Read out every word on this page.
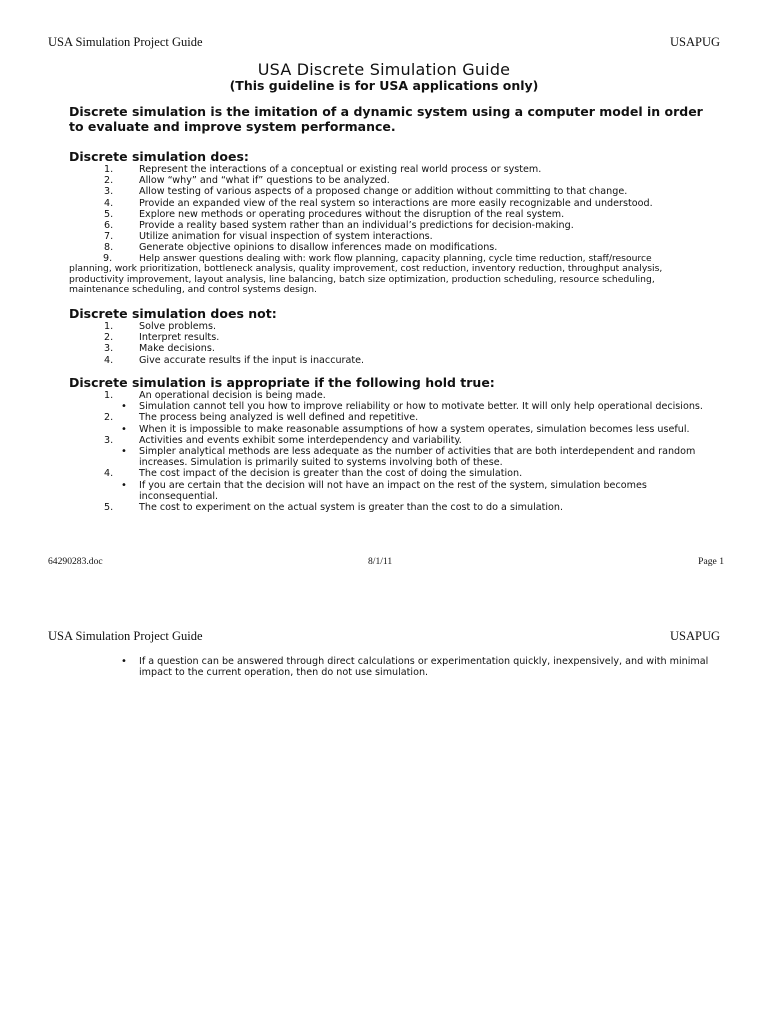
USA Simulation Project Guide	USAPUG
USA Discrete Simulation Guide
(This guideline is for USA applications only)
Discrete simulation is the imitation of a dynamic system using a computer model in order to evaluate and improve system performance.

Discrete simulation does:

1.	Represent the interactions of a conceptual or existing real world process or system.
2.	Allow “why” and “what if” questions to be analyzed.
3.	Allow testing of various aspects of a proposed change or addition without committing to that change.
4.	Provide an expanded view of the real system so interactions are more easily recognizable and understood.
5.	Explore new methods or operating procedures without the disruption of the real system.
6.	Provide a reality based system rather than an individual’s predictions for decision-making.
7.	Utilize animation for visual inspection of system interactions.
8.	Generate objective opinions to disallow inferences made on modifications.
9.	Help answer questions dealing with: work flow planning, capacity planning, cycle time reduction, staff/resource planning, work prioritization, bottleneck analysis, quality improvement, cost reduction, inventory reduction, throughput analysis, productivity improvement, layout analysis, line balancing, batch size optimization, production scheduling, resource scheduling, maintenance scheduling, and control systems design.

Discrete simulation does not:

1.	Solve problems.
2.	Interpret results.
3.	Make decisions.
4.	Give accurate results if the input is inaccurate.

Discrete simulation is appropriate if the following hold true:

1.	An operational decision is being made.
• Simulation cannot tell you how to improve reliability or how to motivate better. It will only help operational decisions.
2.	The process being analyzed is well defined and repetitive.
• When it is impossible to make reasonable assumptions of how a system operates, simulation becomes less useful.
3.	Activities and events exhibit some interdependency and variability.
• Simpler analytical methods are less adequate as the number of activities that are both interdependent and random increases. Simulation is primarily suited to systems involving both of these.
4.	The cost impact of the decision is greater than the cost of doing the simulation.
• If you are certain that the decision will not have an impact on the rest of the system, simulation becomes inconsequential.
5.	The cost to experiment on the actual system is greater than the cost to do a simulation.
64290283.doc	8/1/11	Page 1
USA Simulation Project Guide	USAPUG
• If a question can be answered through direct calculations or experimentation quickly, inexpensively, and with minimal impact to the current operation, then do not use simulation.
